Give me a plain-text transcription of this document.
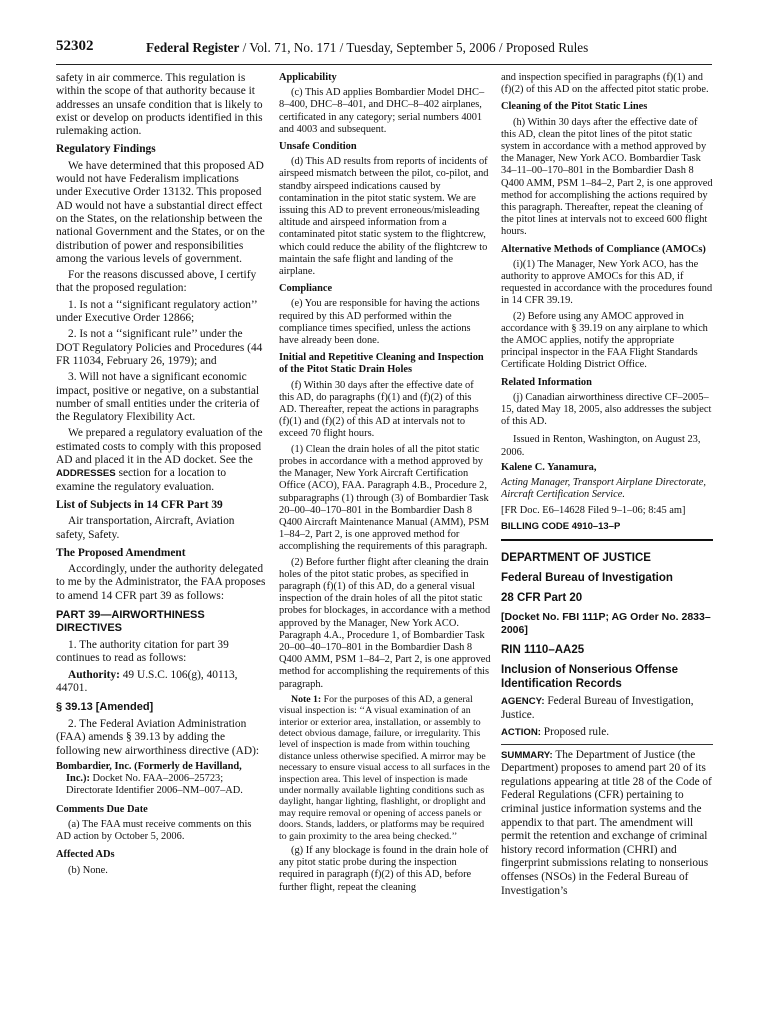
52302	Federal Register / Vol. 71, No. 171 / Tuesday, September 5, 2006 / Proposed Rules

safety in air commerce. This regulation is within the scope of that authority because it addresses an unsafe condition that is likely to exist or develop on products identified in this rulemaking action.

Regulatory Findings

We have determined that this proposed AD would not have Federalism implications under Executive Order 13132. This proposed AD would not have a substantial direct effect on the States, on the relationship between the national Government and the States, or on the distribution of power and responsibilities among the various levels of government.

For the reasons discussed above, I certify that the proposed regulation:

1. Is not a ‘‘significant regulatory action’’ under Executive Order 12866;

2. Is not a ‘‘significant rule’’ under the DOT Regulatory Policies and Procedures (44 FR 11034, February 26, 1979); and

3. Will not have a significant economic impact, positive or negative, on a substantial number of small entities under the criteria of the Regulatory Flexibility Act.

We prepared a regulatory evaluation of the estimated costs to comply with this proposed AD and placed it in the AD docket. See the ADDRESSES section for a location to examine the regulatory evaluation.

List of Subjects in 14 CFR Part 39

Air transportation, Aircraft, Aviation safety, Safety.

The Proposed Amendment

Accordingly, under the authority delegated to me by the Administrator, the FAA proposes to amend 14 CFR part 39 as follows:

PART 39—AIRWORTHINESS DIRECTIVES

1. The authority citation for part 39 continues to read as follows:

Authority: 49 U.S.C. 106(g), 40113, 44701.

§ 39.13 [Amended]

2. The Federal Aviation Administration (FAA) amends § 39.13 by adding the following new airworthiness directive (AD):

Bombardier, Inc. (Formerly de Havilland, Inc.): Docket No. FAA–2006–25723; Directorate Identifier 2006–NM–007–AD.

Comments Due Date

(a) The FAA must receive comments on this AD action by October 5, 2006.

Affected ADs

(b) None.

Applicability

(c) This AD applies Bombardier Model DHC–8–400, DHC–8–401, and DHC–8–402 airplanes, certificated in any category; serial numbers 4001 and 4003 and subsequent.

Unsafe Condition

(d) This AD results from reports of incidents of airspeed mismatch between the pilot, co-pilot, and standby airspeed indications caused by contamination in the pitot static system. We are issuing this AD to prevent erroneous/misleading altitude and airspeed information from a contaminated pitot static system to the flightcrew, which could reduce the ability of the flightcrew to maintain the safe flight and landing of the airplane.

Compliance

(e) You are responsible for having the actions required by this AD performed within the compliance times specified, unless the actions have already been done.

Initial and Repetitive Cleaning and Inspection of the Pitot Static Drain Holes

(f) Within 30 days after the effective date of this AD, do paragraphs (f)(1) and (f)(2) of this AD. Thereafter, repeat the actions in paragraphs (f)(1) and (f)(2) of this AD at intervals not to exceed 70 flight hours.

(1) Clean the drain holes of all the pitot static probes in accordance with a method approved by the Manager, New York Aircraft Certification Office (ACO), FAA. Paragraph 4.B., Procedure 2, subparagraphs (1) through (3) of Bombardier Task 20–00–40–170–801 in the Bombardier Dash 8 Q400 Aircraft Maintenance Manual (AMM), PSM 1–84–2, Part 2, is one approved method for accomplishing the requirements of this paragraph.

(2) Before further flight after cleaning the drain holes of the pitot static probes, as specified in paragraph (f)(1) of this AD, do a general visual inspection of the drain holes of all the pitot static probes for blockages, in accordance with a method approved by the Manager, New York ACO. Paragraph 4.A., Procedure 1, of Bombardier Task 20–00–40–170–801 in the Bombardier Dash 8 Q400 AMM, PSM 1–84–2, Part 2, is one approved method for accomplishing the requirements of this paragraph.

Note 1: For the purposes of this AD, a general visual inspection is: ‘‘A visual examination of an interior or exterior area, installation, or assembly to detect obvious damage, failure, or irregularity. This level of inspection is made from within touching distance unless otherwise specified. A mirror may be necessary to ensure visual access to all surfaces in the inspection area. This level of inspection is made under normally available lighting conditions such as daylight, hangar lighting, flashlight, or droplight and may require removal or opening of access panels or doors. Stands, ladders, or platforms may be required to gain proximity to the area being checked.’’

(g) If any blockage is found in the drain hole of any pitot static probe during the inspection required in paragraph (f)(2) of this AD, before further flight, repeat the cleaning

and inspection specified in paragraphs (f)(1) and (f)(2) of this AD on the affected pitot static probe.

Cleaning of the Pitot Static Lines

(h) Within 30 days after the effective date of this AD, clean the pitot lines of the pitot static system in accordance with a method approved by the Manager, New York ACO. Bombardier Task 34–11–00–170–801 in the Bombardier Dash 8 Q400 AMM, PSM 1–84–2, Part 2, is one approved method for accomplishing the actions required by this paragraph. Thereafter, repeat the cleaning of the pitot lines at intervals not to exceed 600 flight hours.

Alternative Methods of Compliance (AMOCs)

(i)(1) The Manager, New York ACO, has the authority to approve AMOCs for this AD, if requested in accordance with the procedures found in 14 CFR 39.19.

(2) Before using any AMOC approved in accordance with § 39.19 on any airplane to which the AMOC applies, notify the appropriate principal inspector in the FAA Flight Standards Certificate Holding District Office.

Related Information

(j) Canadian airworthiness directive CF–2005–15, dated May 18, 2005, also addresses the subject of this AD.

Issued in Renton, Washington, on August 23, 2006.

Kalene C. Yanamura,

Acting Manager, Transport Airplane Directorate, Aircraft Certification Service.

[FR Doc. E6–14628 Filed 9–1–06; 8:45 am]

BILLING CODE 4910–13–P

DEPARTMENT OF JUSTICE

Federal Bureau of Investigation

28 CFR Part 20

[Docket No. FBI 111P; AG Order No. 2833–2006]

RIN 1110–AA25

Inclusion of Nonserious Offense Identification Records

AGENCY: Federal Bureau of Investigation, Justice.

ACTION: Proposed rule.

SUMMARY: The Department of Justice (the Department) proposes to amend part 20 of its regulations appearing at title 28 of the Code of Federal Regulations (CFR) pertaining to criminal justice information systems and the appendix to that part. The amendment will permit the retention and exchange of criminal history record information (CHRI) and fingerprint submissions relating to nonserious offenses (NSOs) in the Federal Bureau of Investigation’s
